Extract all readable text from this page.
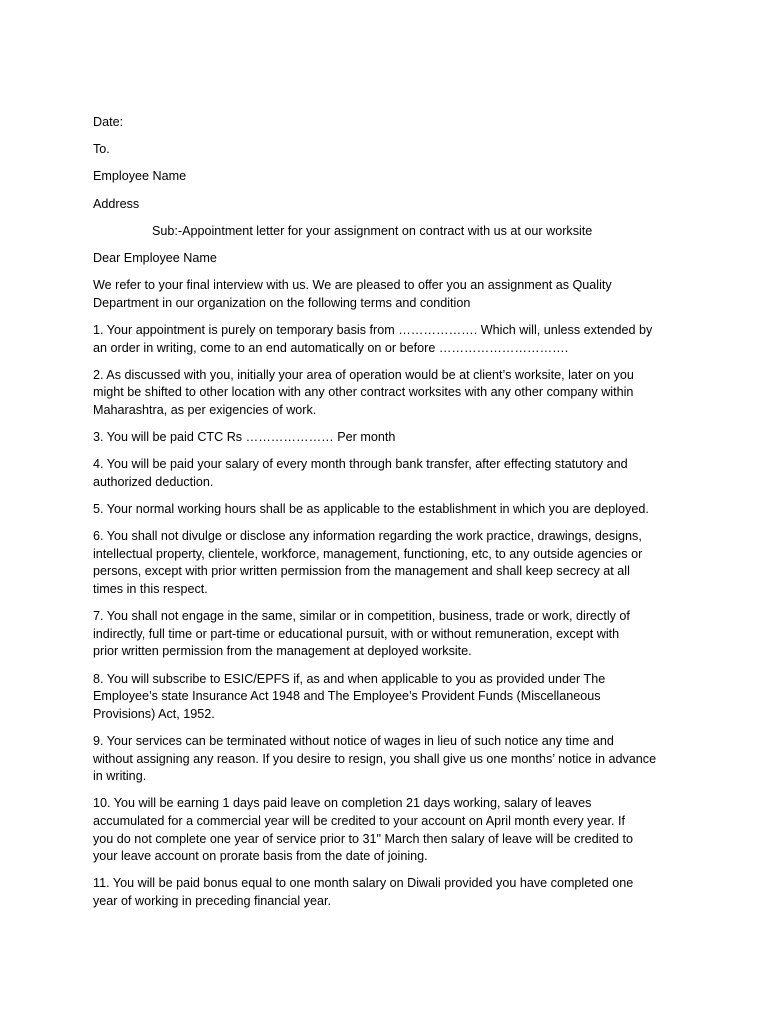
Date:
To.
Employee Name
Address
Sub:-Appointment letter for your assignment on contract with us at our worksite
Dear Employee Name
We refer to your final interview with us. We are pleased to offer you an assignment as Quality
Department in our organization on the following terms and condition
1. Your appointment is purely on temporary basis from ………………. Which will, unless extended by
an order in writing, come to an end automatically on or before ………………………….
2. As discussed with you, initially your area of operation would be at client’s worksite, later on you
might be shifted to other location with any other contract worksites with any other company within
Maharashtra, as per exigencies of work.
3. You will be paid CTC Rs ………………… Per month
4. You will be paid your salary of every month through bank transfer, after effecting statutory and
authorized deduction.
5. Your normal working hours shall be as applicable to the establishment in which you are deployed.
6. You shall not divulge or disclose any information regarding the work practice, drawings, designs,
intellectual property, clientele, workforce, management, functioning, etc, to any outside agencies or
persons, except with prior written permission from the management and shall keep secrecy at all
times in this respect.
7. You shall not engage in the same, similar or in competition, business, trade or work, directly of
indirectly, full time or part-time or educational pursuit, with or without remuneration, except with
prior written permission from the management at deployed worksite.
8. You will subscribe to ESIC/EPFS if, as and when applicable to you as provided under The
Employee’s state Insurance Act 1948 and The Employee’s Provident Funds (Miscellaneous
Provisions) Act, 1952.
9. Your services can be terminated without notice of wages in lieu of such notice any time and
without assigning any reason. If you desire to resign, you shall give us one months’ notice in advance
in writing.
10. You will be earning 1 days paid leave on completion 21 days working, salary of leaves
accumulated for a commercial year will be credited to your account on April month every year. If
you do not complete one year of service prior to 31" March then salary of leave will be credited to
your leave account on prorate basis from the date of joining.
11. You will be paid bonus equal to one month salary on Diwali provided you have completed one
year of working in preceding financial year.
